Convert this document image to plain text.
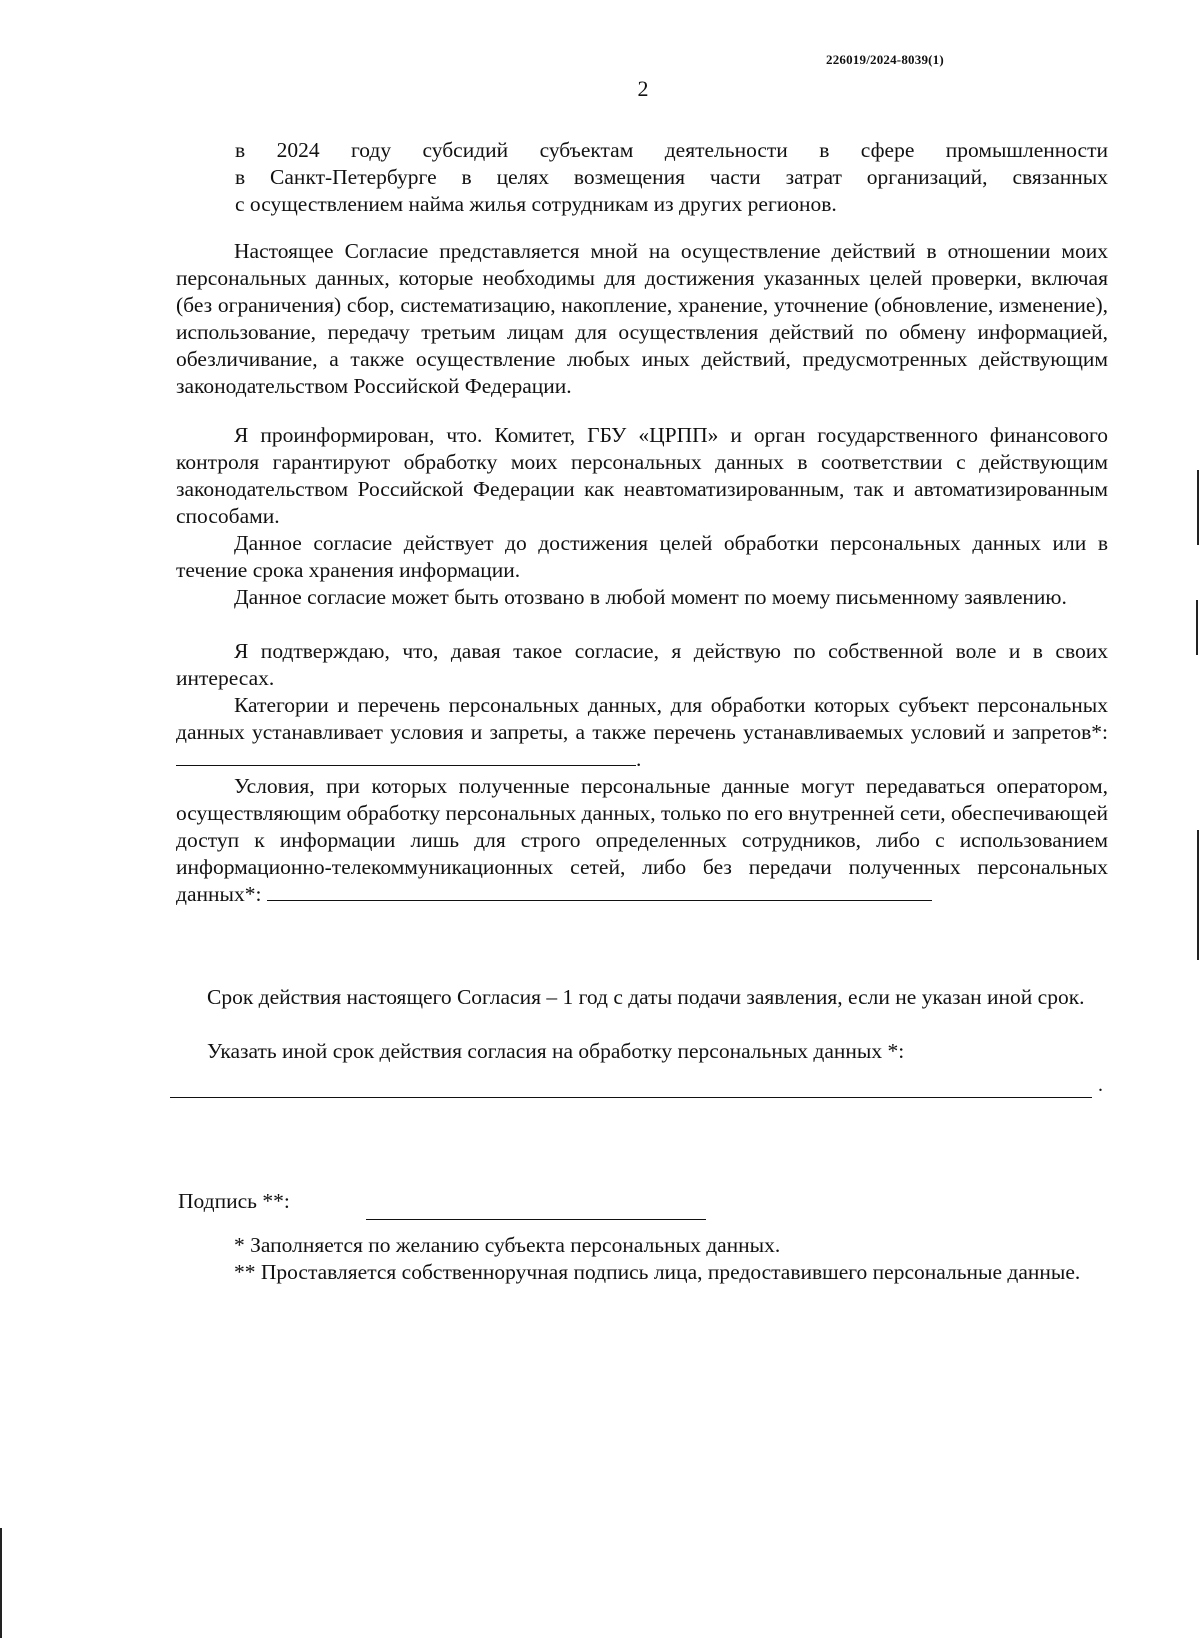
226019/2024-8039(1)
2
в 2024 году субсидий субъектам деятельности в сфере промышленности
в Санкт-Петербурге в целях возмещения части затрат организаций, связанных
с осуществлением найма жилья сотрудникам из других регионов.
Настоящее Согласие представляется мной на осуществление действий в отношении моих персональных данных, которые необходимы для достижения указанных целей проверки, включая (без ограничения) сбор, систематизацию, накопление, хранение, уточнение (обновление, изменение), использование, передачу третьим лицам для осуществления действий по обмену информацией, обезличивание, а также осуществление любых иных действий, предусмотренных действующим законодательством Российской Федерации.
Я проинформирован, что. Комитет, ГБУ «ЦРПП» и орган государственного финансового контроля гарантируют обработку моих персональных данных в соответствии с действующим законодательством Российской Федерации как неавтоматизированным, так и автоматизированным способами.
Данное согласие действует до достижения целей обработки персональных данных или в течение срока хранения информации.
Данное согласие может быть отозвано в любой момент по моему письменному заявлению.
Я подтверждаю, что, давая такое согласие, я действую по собственной воле и в своих интересах.
Категории и перечень персональных данных, для обработки которых субъект персональных данных устанавливает условия и запреты, а также перечень устанавливаемых условий и запретов*: .
Условия, при которых полученные персональные данные могут передаваться оператором, осуществляющим обработку персональных данных, только по его внутренней сети, обеспечивающей доступ к информации лишь для строго определенных сотрудников, либо с использованием информационно-телекоммуникационных сетей, либо без передачи полученных персональных данных*:
Срок действия настоящего Согласия – 1 год с даты подачи заявления, если не указан иной срок.
Указать иной срок действия согласия на обработку персональных данных *:
.
Подпись **:
* Заполняется по желанию субъекта персональных данных.
** Проставляется собственноручная подпись лица, предоставившего персональные данные.
